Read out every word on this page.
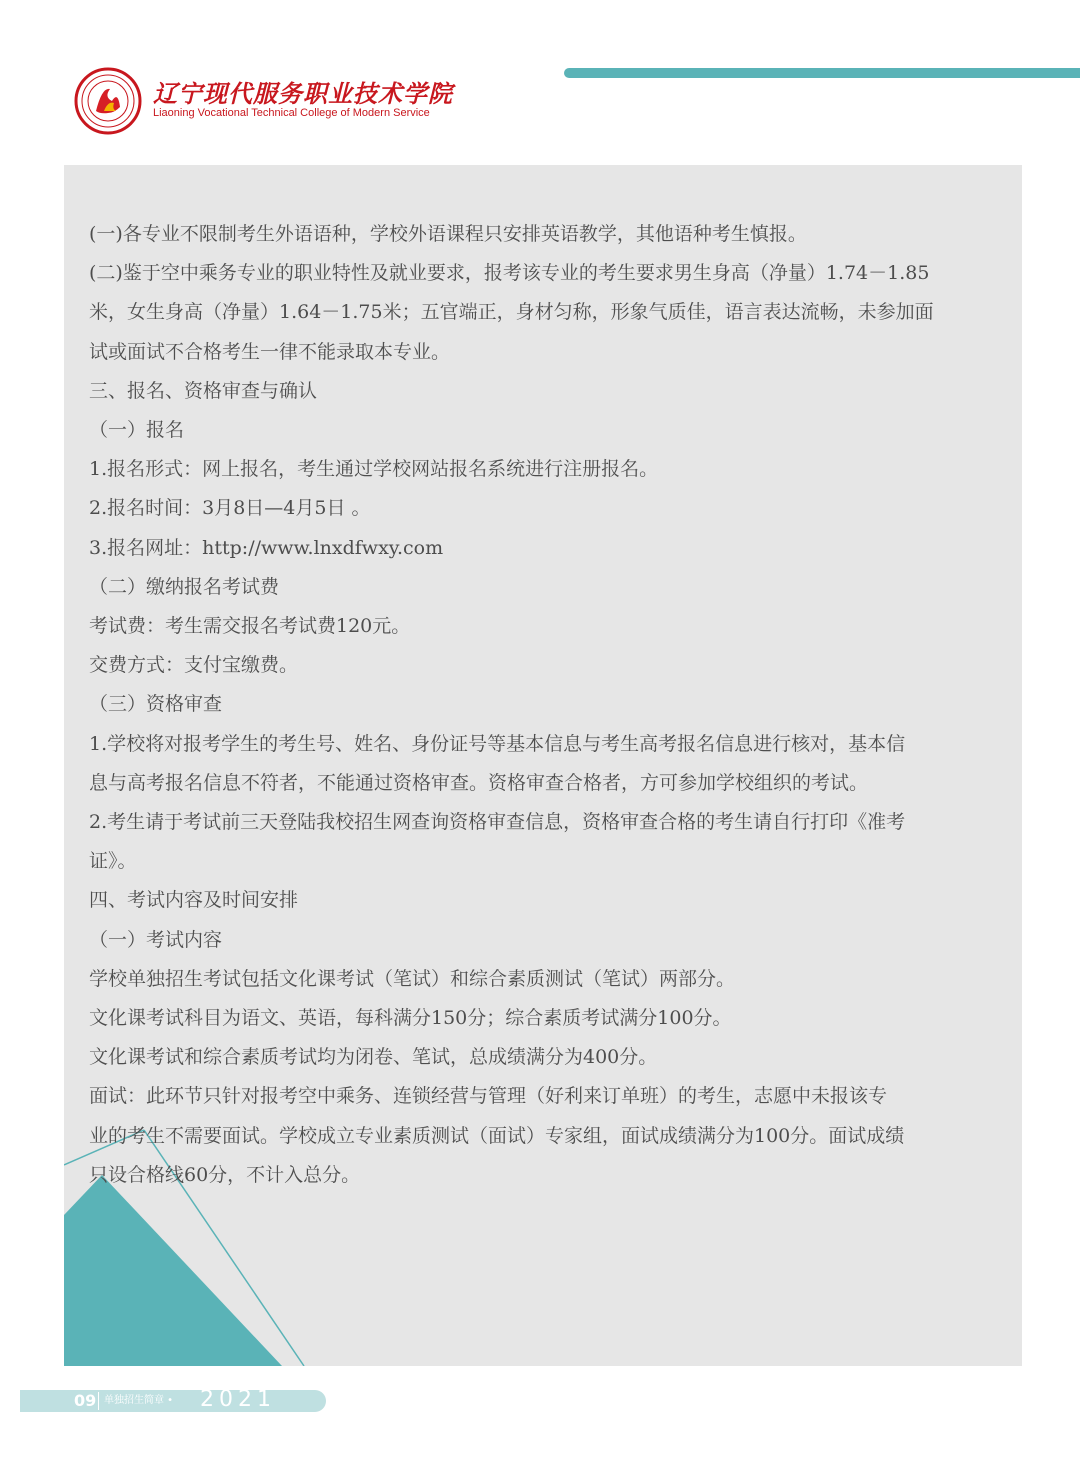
辽宁现代服务职业技术学院
Liaoning Vocational Technical College of Modern Service

(一)各专业不限制考生外语语种，学校外语课程只安排英语教学，其他语种考生慎报。

(二)鉴于空中乘务专业的职业特性及就业要求，报考该专业的考生要求男生身高（净量）1.74－1.85

米，女生身高（净量）1.64－1.75米；五官端正，身材匀称，形象气质佳，语言表达流畅，未参加面

试或面试不合格考生一律不能录取本专业。

三、报名、资格审查与确认

（一）报名

1.报名形式：网上报名，考生通过学校网站报名系统进行注册报名。

2.报名时间：3月8日—4月5日 。

3.报名网址：http://www.lnxdfwxy.com

（二）缴纳报名考试费

考试费：考生需交报名考试费120元。

交费方式：支付宝缴费。

（三）资格审查

1.学校将对报考学生的考生号、姓名、身份证号等基本信息与考生高考报名信息进行核对，基本信

息与高考报名信息不符者，不能通过资格审查。资格审查合格者，方可参加学校组织的考试。

2.考生请于考试前三天登陆我校招生网查询资格审查信息，资格审查合格的考生请自行打印《准考

证》。

四、考试内容及时间安排

（一）考试内容

学校单独招生考试包括文化课考试（笔试）和综合素质测试（笔试）两部分。

文化课考试科目为语文、英语，每科满分150分；综合素质考试满分100分。

文化课考试和综合素质考试均为闭卷、笔试，总成绩满分为400分。

面试：此环节只针对报考空中乘务、连锁经营与管理（好利来订单班）的考生，志愿中未报该专

业的考生不需要面试。学校成立专业素质测试（面试）专家组，面试成绩满分为100分。面试成绩

只设合格线60分，不计入总分。

09 单独招生简章 • 2021
